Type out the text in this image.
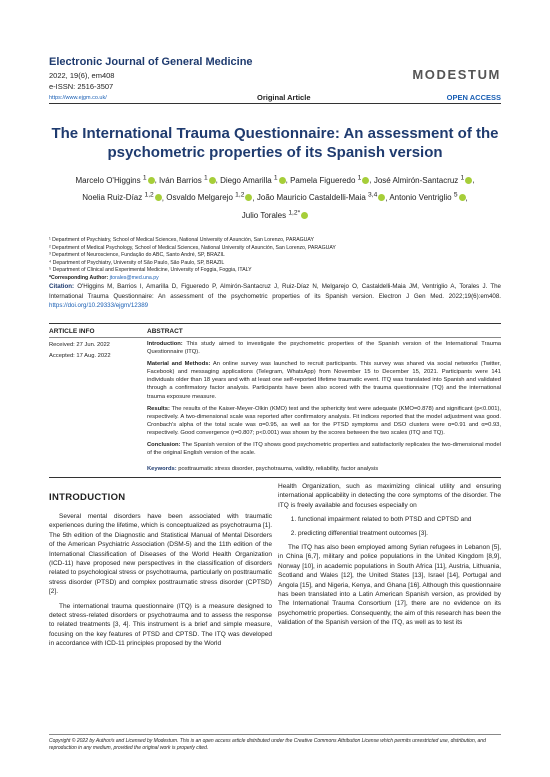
Electronic Journal of General Medicine
2022, 19(6), em408
e-ISSN: 2516-3507
https://www.ejgm.co.uk/
MODESTUM
Original Article	OPEN ACCESS
The International Trauma Questionnaire: An assessment of the psychometric properties of its Spanish version
Marcelo O'Higgins $^1$ , Iván Barrios $^1$ , Diego Amarilla $^1$ , Pamela Figueredo $^1$ , José Almirón-Santacruz $^1$ ,
Noelia Ruiz-Díaz $^{1,2}$ , Osvaldo Melgarejo $^{1,2}$ , João Mauricio Castaldelli-Maia $^{3,4}$ , Antonio Ventriglio $^5$ ,
Julio Torales $^{1,2*}$
¹ Department of Psychiatry, School of Medical Sciences, National University of Asunción, San Lorenzo, PARAGUAY
² Department of Medical Psychology, School of Medical Sciences, National University of Asunción, San Lorenzo, PARAGUAY
³ Department of Neuroscience, Fundação do ABC, Santo André, SP, BRAZIL
⁴ Department of Psychiatry, University of São Paulo, São Paulo, SP, BRAZIL
⁵ Department of Clinical and Experimental Medicine, University of Foggia, Foggia, ITALY
*Corresponding Author: jtorales@med.una.py
Citation: O'Higgins M, Barrios I, Amarilla D, Figueredo P, Almirón-Santacruz J, Ruiz-Díaz N, Melgarejo O, Castaldelli-Maia JM, Ventriglio A, Torales J. The International Trauma Questionnaire: An assessment of the psychometric properties of its Spanish version. Electron J Gen Med. 2022;19(6):em408. https://doi.org/10.29333/ejgm/12389
ARTICLE INFO	ABSTRACT
Received: 27 Jun. 2022
Accepted: 17 Aug. 2022

Introduction: This study aimed to investigate the psychometric properties of the Spanish version of the International Trauma Questionnaire (ITQ).

Material and Methods: An online survey was launched to recruit participants. This survey was shared via social networks (Twitter, Facebook) and messaging applications (Telegram, WhatsApp) from November 15 to December 15, 2021. Participants were 141 individuals older than 18 years and with at least one self-reported lifetime traumatic event. ITQ was translated into Spanish and validated through a confirmatory factor analysis. Participants have been also scored with the trauma questionnaire (TQ) and the international trauma exposure measure.

Results: The results of the Kaiser-Meyer-Olkin (KMO) test and the sphericity test were adequate (KMO=0.878) and significant (p<0.001), respectively. A two-dimensional scale was reported after confirmatory analysis. Fit indices reported that the model adjustment was good. Cronbach's alpha of the total scale was α=0.95, as well as for the PTSD symptoms and DSO clusters were α=0.91 and α=0.93, respectively. Good convergence (r=0.807; p<0.001) was shown by the scores between the two scales (ITQ and TQ).

Conclusion: The Spanish version of the ITQ shows good psychometric properties and satisfactorily replicates the two-dimensional model of the original English version of the scale.

Keywords: posttraumatic stress disorder, psychotrauma, validity, reliability, factor analysis
INTRODUCTION

Several mental disorders have been associated with traumatic experiences during the lifetime, which is conceptualized as psychotrauma [1]. The 5th edition of the Diagnostic and Statistical Manual of Mental Disorders of the American Psychiatric Association (DSM-5) and the 11th edition of the International Classification of Diseases of the World Health Organization (ICD-11) have proposed new perspectives in the classification of disorders related to psychological stress or psychotrauma, particularly on posttraumatic stress disorder (PTSD) and complex posttraumatic stress disorder (CPTSD) [2].

The international trauma questionnaire (ITQ) is a measure designed to detect stress-related disorders or psychotrauma and to assess the response to related treatments [3, 4]. This instrument is a brief and simple measure, focusing on the key features of PTSD and CPTSD. The ITQ was developed in accordance with ICD-11 principles proposed by the World

Health Organization, such as maximizing clinical utility and ensuring international applicability in detecting the core symptoms of the disorder. The ITQ is freely available and focuses especially on

1. functional impairment related to both PTSD and CPTSD and
2. predicting differential treatment outcomes [3].

The ITQ has also been employed among Syrian refugees in Lebanon [5], in China [6,7], military and police populations in the United Kingdom [8,9], Norway [10], in academic populations in South Africa [11], Austria, Lithuania, Scotland and Wales [12], the United States [13], Israel [14], Portugal and Angola [15], and Nigeria, Kenya, and Ghana [16]. Although this questionnaire has been translated into a Latin American Spanish version, as provided by The International Trauma Consortium [17], there are no evidence on its psychometric properties. Consequently, the aim of this research has been the validation of the Spanish version of the ITQ, as well as to test its

Copyright © 2022 by Author/s and Licensed by Modestum. This is an open access article distributed under the Creative Commons Attribution License which permits unrestricted use, distribution, and reproduction in any medium, provided the original work is properly cited.
